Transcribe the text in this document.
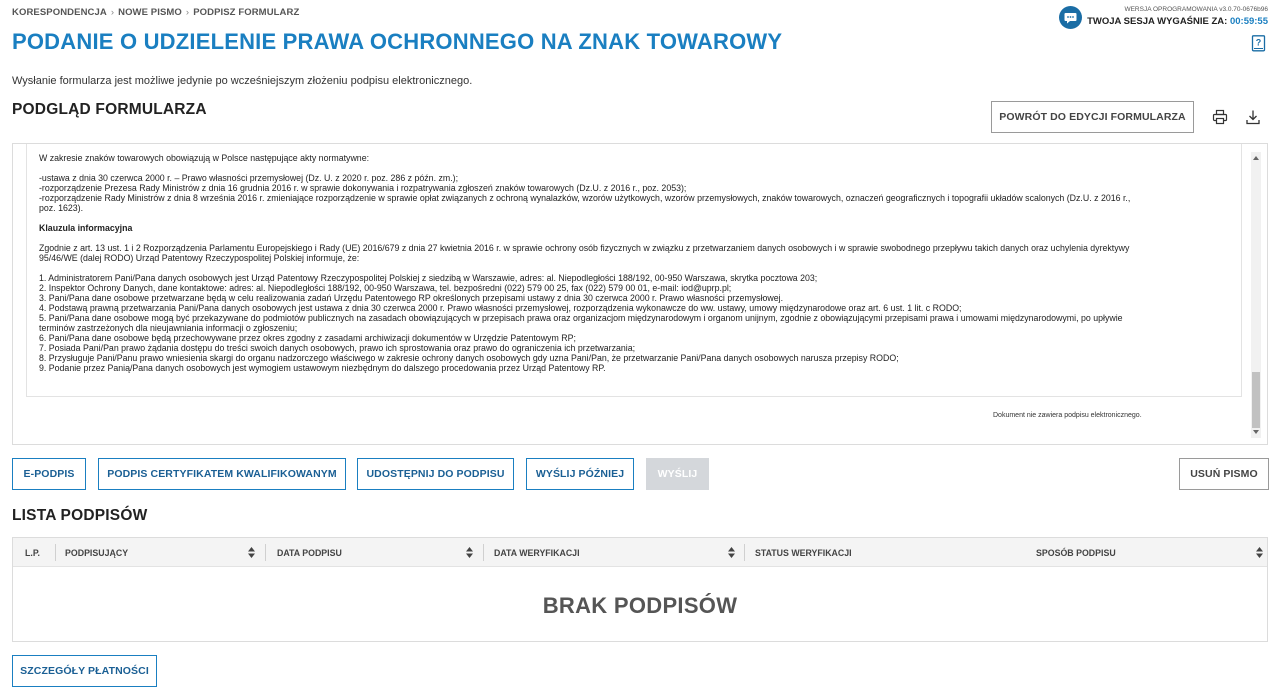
KORESPONDENCJA › NOWE PISMO › PODPISZ FORMULARZ	WERSJA OPROGRAMOWANIA v3.0.70-0676b96
TWOJA SESJA WYGAŚNIE ZA: 00:59:55
?
PODANIE O UDZIELENIE PRAWA OCHRONNEGO NA ZNAK TOWAROWY

Wysłanie formularza jest możliwe jedynie po wcześniejszym złożeniu podpisu elektronicznego.

PODGLĄD FORMULARZA	POWRÓT DO EDYCJI FORMULARZA

W zakresie znaków towarowych obowiązują w Polsce następujące akty normatywne:

-ustawa z dnia 30 czerwca 2000 r. – Prawo własności przemysłowej (Dz. U. z 2020 r. poz. 286 z późn. zm.);

-rozporządzenie Prezesa Rady Ministrów z dnia 16 grudnia 2016 r. w sprawie dokonywania i rozpatrywania zgłoszeń znaków towarowych (Dz.U. z 2016 r., poz. 2053);

-rozporządzenie Rady Ministrów z dnia 8 września 2016 r. zmieniające rozporządzenie w sprawie opłat związanych z ochroną wynalazków, wzorów użytkowych, wzorów przemysłowych, znaków towarowych, oznaczeń geograficznych i topografii układów scalonych (Dz.U. z 2016 r.,

poz. 1623).

Klauzula informacyjna

Zgodnie z art. 13 ust. 1 i 2 Rozporządzenia Parlamentu Europejskiego i Rady (UE) 2016/679 z dnia 27 kwietnia 2016 r. w sprawie ochrony osób fizycznych w związku z przetwarzaniem danych osobowych i w sprawie swobodnego przepływu takich danych oraz uchylenia dyrektywy

95/46/WE (dalej RODO) Urząd Patentowy Rzeczypospolitej Polskiej informuje, że:

1. Administratorem Pani/Pana danych osobowych jest Urząd Patentowy Rzeczypospolitej Polskiej z siedzibą w Warszawie, adres: al. Niepodległości 188/192, 00-950 Warszawa, skrytka pocztowa 203;

2. Inspektor Ochrony Danych, dane kontaktowe: adres: al. Niepodległości 188/192, 00-950 Warszawa, tel. bezpośredni (022) 579 00 25, fax (022) 579 00 01, e-mail: iod@uprp.pl;

3. Pani/Pana dane osobowe przetwarzane będą w celu realizowania zadań Urzędu Patentowego RP określonych przepisami ustawy z dnia 30 czerwca 2000 r. Prawo własności przemysłowej.

4. Podstawą prawną przetwarzania Pani/Pana danych osobowych jest ustawa z dnia 30 czerwca 2000 r. Prawo własności przemysłowej, rozporządzenia wykonawcze do ww. ustawy, umowy międzynarodowe oraz art. 6 ust. 1 lit. c RODO;

5. Pani/Pana dane osobowe mogą być przekazywane do podmiotów publicznych na zasadach obowiązujących w przepisach prawa oraz organizacjom międzynarodowym i organom unijnym, zgodnie z obowiązującymi przepisami prawa i umowami międzynarodowymi, po upływie

terminów zastrzeżonych dla nieujawniania informacji o zgłoszeniu;

6. Pani/Pana dane osobowe będą przechowywane przez okres zgodny z zasadami archiwizacji dokumentów w Urzędzie Patentowym RP;

7. Posiada Pani/Pan prawo żądania dostępu do treści swoich danych osobowych, prawo ich sprostowania oraz prawo do ograniczenia ich przetwarzania;

8. Przysługuje Pani/Panu prawo wniesienia skargi do organu nadzorczego właściwego w zakresie ochrony danych osobowych gdy uzna Pani/Pan, że przetwarzanie Pani/Pana danych osobowych narusza przepisy RODO;

9. Podanie przez Panią/Pana danych osobowych jest wymogiem ustawowym niezbędnym do dalszego procedowania przez Urząd Patentowy RP.

Dokument nie zawiera podpisu elektronicznego.
E-PODPIS	PODPIS CERTYFIKATEM KWALIFIKOWANYM	UDOSTĘPNIJ DO PODPISU	WYŚLIJ PÓŹNIEJ	WYŚLIJ	USUŃ PISMO
LISTA PODPISÓW
L.P.	PODPISUJĄCY	DATA PODPISU	DATA WERYFIKACJI	STATUS WERYFIKACJI	SPOSÓB PODPISU
BRAK PODPISÓW
SZCZEGÓŁY PŁATNOŚCI
